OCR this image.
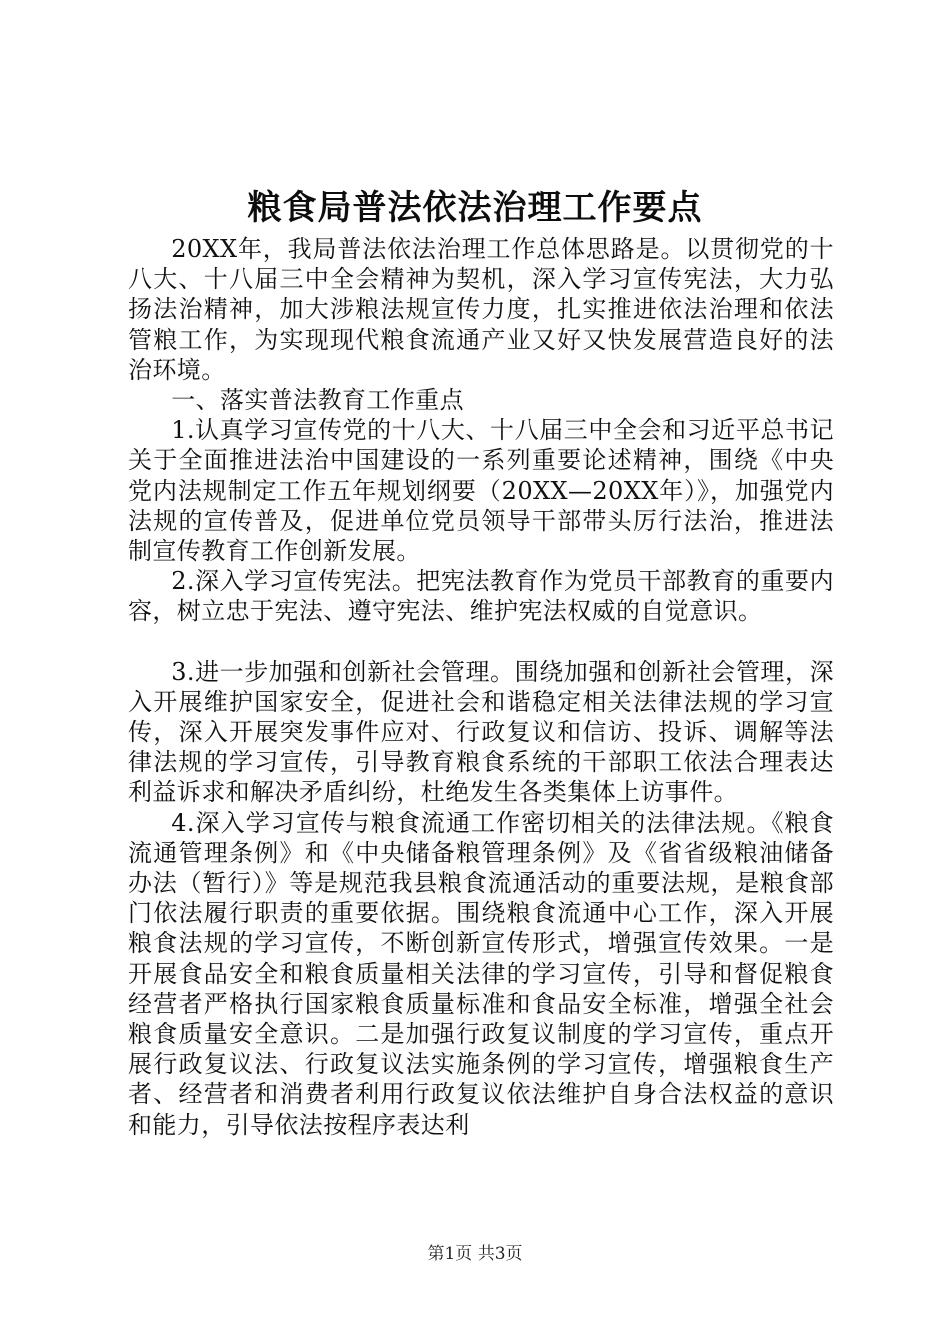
粮食局普法依法治理工作要点

20XX年，我局普法依法治理工作总体思路是。以贯彻党的十八大、十八届三中全会精神为契机，深入学习宣传宪法，大力弘扬法治精神，加大涉粮法规宣传力度，扎实推进依法治理和依法管粮工作，为实现现代粮食流通产业又好又快发展营造良好的法治环境。

一、落实普法教育工作重点

1.认真学习宣传党的十八大、十八届三中全会和习近平总书记关于全面推进法治中国建设的一系列重要论述精神，围绕《中央党内法规制定工作五年规划纲要（20XX—20XX年）》，加强党内法规的宣传普及，促进单位党员领导干部带头厉行法治，推进法制宣传教育工作创新发展。

2.深入学习宣传宪法。把宪法教育作为党员干部教育的重要内容，树立忠于宪法、遵守宪法、维护宪法权威的自觉意识。

3.进一步加强和创新社会管理。围绕加强和创新社会管理，深入开展维护国家安全，促进社会和谐稳定相关法律法规的学习宣传，深入开展突发事件应对、行政复议和信访、投诉、调解等法律法规的学习宣传，引导教育粮食系统的干部职工依法合理表达利益诉求和解决矛盾纠纷，杜绝发生各类集体上访事件。

4.深入学习宣传与粮食流通工作密切相关的法律法规。《粮食流通管理条例》和《中央储备粮管理条例》及《省省级粮油储备办法（暂行）》等是规范我县粮食流通活动的重要法规，是粮食部门依法履行职责的重要依据。围绕粮食流通中心工作，深入开展粮食法规的学习宣传，不断创新宣传形式，增强宣传效果。一是开展食品安全和粮食质量相关法律的学习宣传，引导和督促粮食经营者严格执行国家粮食质量标准和食品安全标准，增强全社会粮食质量安全意识。二是加强行政复议制度的学习宣传，重点开展行政复议法、行政复议法实施条例的学习宣传，增强粮食生产者、经营者和消费者利用行政复议依法维护自身合法权益的意识和能力，引导依法按程序表达利

第1页 共3页
